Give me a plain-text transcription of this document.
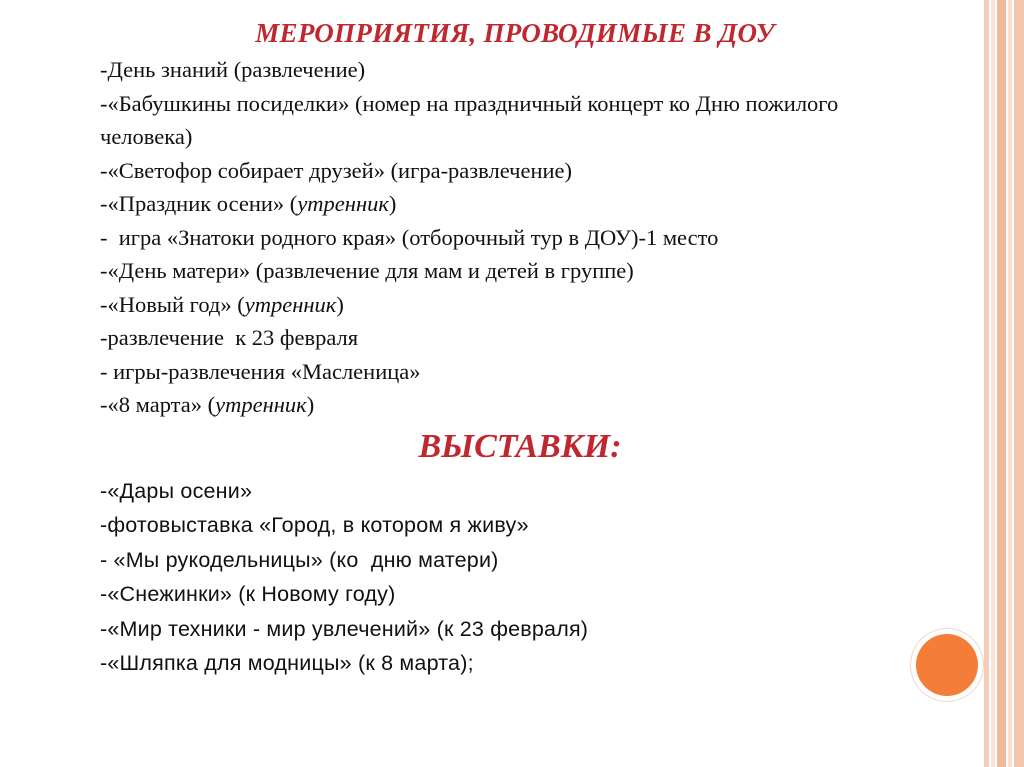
МЕРОПРИЯТИЯ, ПРОВОДИМЫЕ В ДОУ
-День знаний (развлечение)
-«Бабушкины посиделки» (номер на праздничный концерт ко Дню пожилого человека)
-«Светофор собирает друзей» (игра-развлечение)
-«Праздник осени» (утренник)
-  игра «Знатоки родного края» (отборочный тур в ДОУ)-1 место
-«День матери» (развлечение для мам и детей в группе)
-«Новый год» (утренник)
-развлечение  к 23 февраля
- игры-развлечения «Масленица»
-«8 марта» (утренник)
ВЫСТАВКИ:
-«Дары осени»
-фотовыставка «Город, в котором я живу»
- «Мы рукодельницы» (ко  дню матери)
-«Снежинки» (к Новому году)
-«Мир техники - мир увлечений» (к 23 февраля)
-«Шляпка для модницы» (к 8 марта);
